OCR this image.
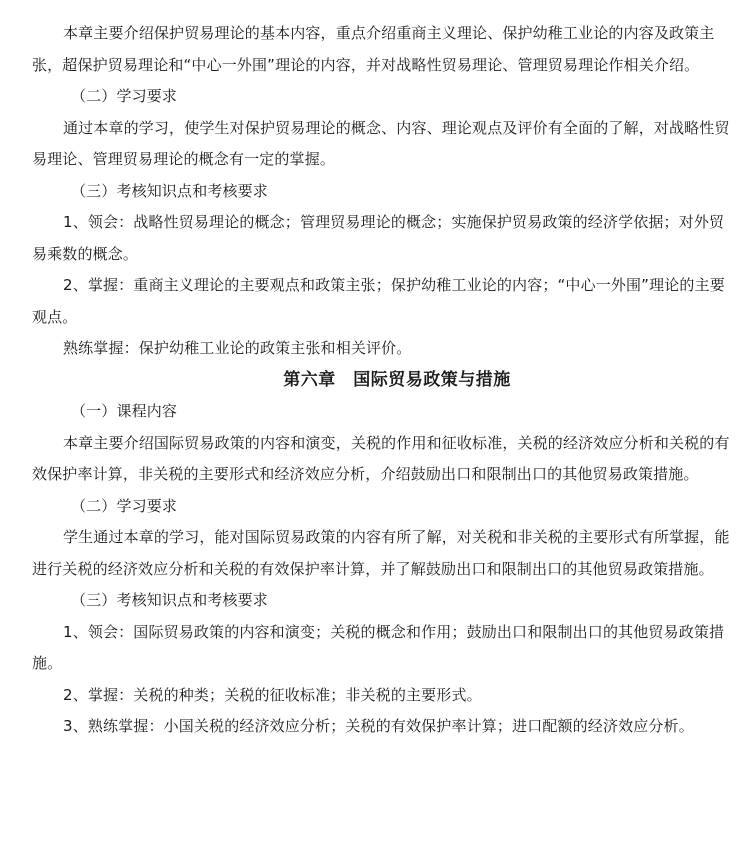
本章主要介绍保护贸易理论的基本内容，重点介绍重商主义理论、保护幼稚工业论的内容及政策主张，超保护贸易理论和“中心一外围”理论的内容，并对战略性贸易理论、管理贸易理论作相关介绍。

（二）学习要求

通过本章的学习，使学生对保护贸易理论的概念、内容、理论观点及评价有全面的了解，对战略性贸易理论、管理贸易理论的概念有一定的掌握。

（三）考核知识点和考核要求

1、领会：战略性贸易理论的概念；管理贸易理论的概念；实施保护贸易政策的经济学依据；对外贸易乘数的概念。

2、掌握：重商主义理论的主要观点和政策主张；保护幼稚工业论的内容；“中心一外围”理论的主要观点。

熟练掌握：保护幼稚工业论的政策主张和相关评价。

第六章　国际贸易政策与措施

（一）课程内容

本章主要介绍国际贸易政策的内容和演变，关税的作用和征收标准，关税的经济效应分析和关税的有效保护率计算，非关税的主要形式和经济效应分析，介绍鼓励出口和限制出口的其他贸易政策措施。

（二）学习要求

学生通过本章的学习，能对国际贸易政策的内容有所了解，对关税和非关税的主要形式有所掌握，能进行关税的经济效应分析和关税的有效保护率计算，并了解鼓励出口和限制出口的其他贸易政策措施。

（三）考核知识点和考核要求

1、领会：国际贸易政策的内容和演变；关税的概念和作用；鼓励出口和限制出口的其他贸易政策措施。

2、掌握：关税的种类；关税的征收标准；非关税的主要形式。

3、熟练掌握：小国关税的经济效应分析；关税的有效保护率计算；进口配额的经济效应分析。
